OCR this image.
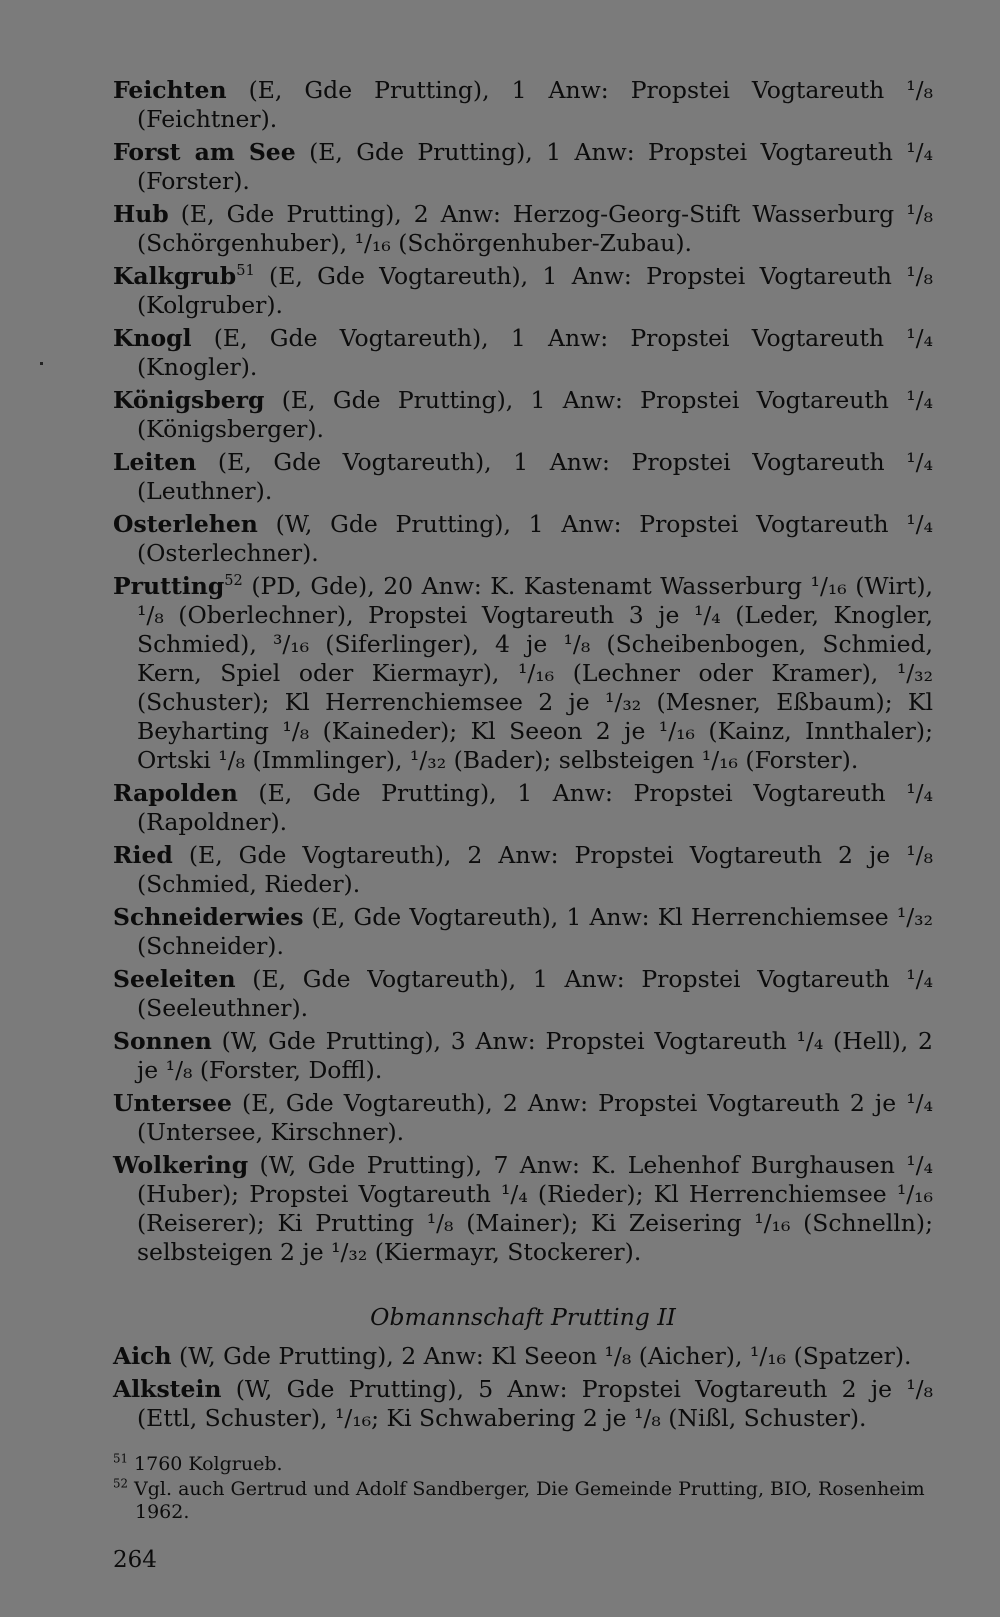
Feichten (E, Gde Prutting), 1 Anw: Propstei Vogtareuth ¹/₈ (Feichtner).
Forst am See (E, Gde Prutting), 1 Anw: Propstei Vogtareuth ¹/₄ (Forster).
Hub (E, Gde Prutting), 2 Anw: Herzog-Georg-Stift Wasserburg ¹/₈ (Schörgenhuber), ¹/₁₆ (Schörgenhuber-Zubau).
Kalkgrub$^{51}$ (E, Gde Vogtareuth), 1 Anw: Propstei Vogtareuth ¹/₈ (Kolgruber).
Knogl (E, Gde Vogtareuth), 1 Anw: Propstei Vogtareuth ¹/₄ (Knogler).
Königsberg (E, Gde Prutting), 1 Anw: Propstei Vogtareuth ¹/₄ (Königsberger).
Leiten (E, Gde Vogtareuth), 1 Anw: Propstei Vogtareuth ¹/₄ (Leuthner).
Osterlehen (W, Gde Prutting), 1 Anw: Propstei Vogtareuth ¹/₄ (Osterlechner).
Prutting$^{52}$ (PD, Gde), 20 Anw: K. Kastenamt Wasserburg ¹/₁₆ (Wirt), ¹/₈ (Oberlechner), Propstei Vogtareuth 3 je ¹/₄ (Leder, Knogler, Schmied), ³/₁₆ (Siferlinger), 4 je ¹/₈ (Scheibenbogen, Schmied, Kern, Spiel oder Kiermayr), ¹/₁₆ (Lechner oder Kramer), ¹/₃₂ (Schuster); Kl Herrenchiemsee 2 je ¹/₃₂ (Mesner, Eßbaum); Kl Beyharting ¹/₈ (Kaineder); Kl Seeon 2 je ¹/₁₆ (Kainz, Innthaler); Ortski ¹/₈ (Immlinger), ¹/₃₂ (Bader); selbsteigen ¹/₁₆ (Forster).
Rapolden (E, Gde Prutting), 1 Anw: Propstei Vogtareuth ¹/₄ (Rapoldner).
Ried (E, Gde Vogtareuth), 2 Anw: Propstei Vogtareuth 2 je ¹/₈ (Schmied, Rieder).
Schneiderwies (E, Gde Vogtareuth), 1 Anw: Kl Herrenchiemsee ¹/₃₂ (Schneider).
Seeleiten (E, Gde Vogtareuth), 1 Anw: Propstei Vogtareuth ¹/₄ (Seeleuthner).
Sonnen (W, Gde Prutting), 3 Anw: Propstei Vogtareuth ¹/₄ (Hell), 2 je ¹/₈ (Forster, Doffl).
Untersee (E, Gde Vogtareuth), 2 Anw: Propstei Vogtareuth 2 je ¹/₄ (Untersee, Kirschner).
Wolkering (W, Gde Prutting), 7 Anw: K. Lehenhof Burghausen ¹/₄ (Huber); Propstei Vogtareuth ¹/₄ (Rieder); Kl Herrenchiemsee ¹/₁₆ (Reiserer); Ki Prutting ¹/₈ (Mainer); Ki Zeisering ¹/₁₆ (Schnelln); selbsteigen 2 je ¹/₃₂ (Kiermayr, Stockerer).
Obmannschaft Prutting II
Aich (W, Gde Prutting), 2 Anw: Kl Seeon ¹/₈ (Aicher), ¹/₁₆ (Spatzer).
Alkstein (W, Gde Prutting), 5 Anw: Propstei Vogtareuth 2 je ¹/₈ (Ettl, Schuster), ¹/₁₆; Ki Schwabering 2 je ¹/₈ (Nißl, Schuster).
$^{51}$ 1760 Kolgrueb.
$^{52}$ Vgl. auch Gertrud und Adolf Sandberger, Die Gemeinde Prutting, BIO, Rosenheim 1962.
264
